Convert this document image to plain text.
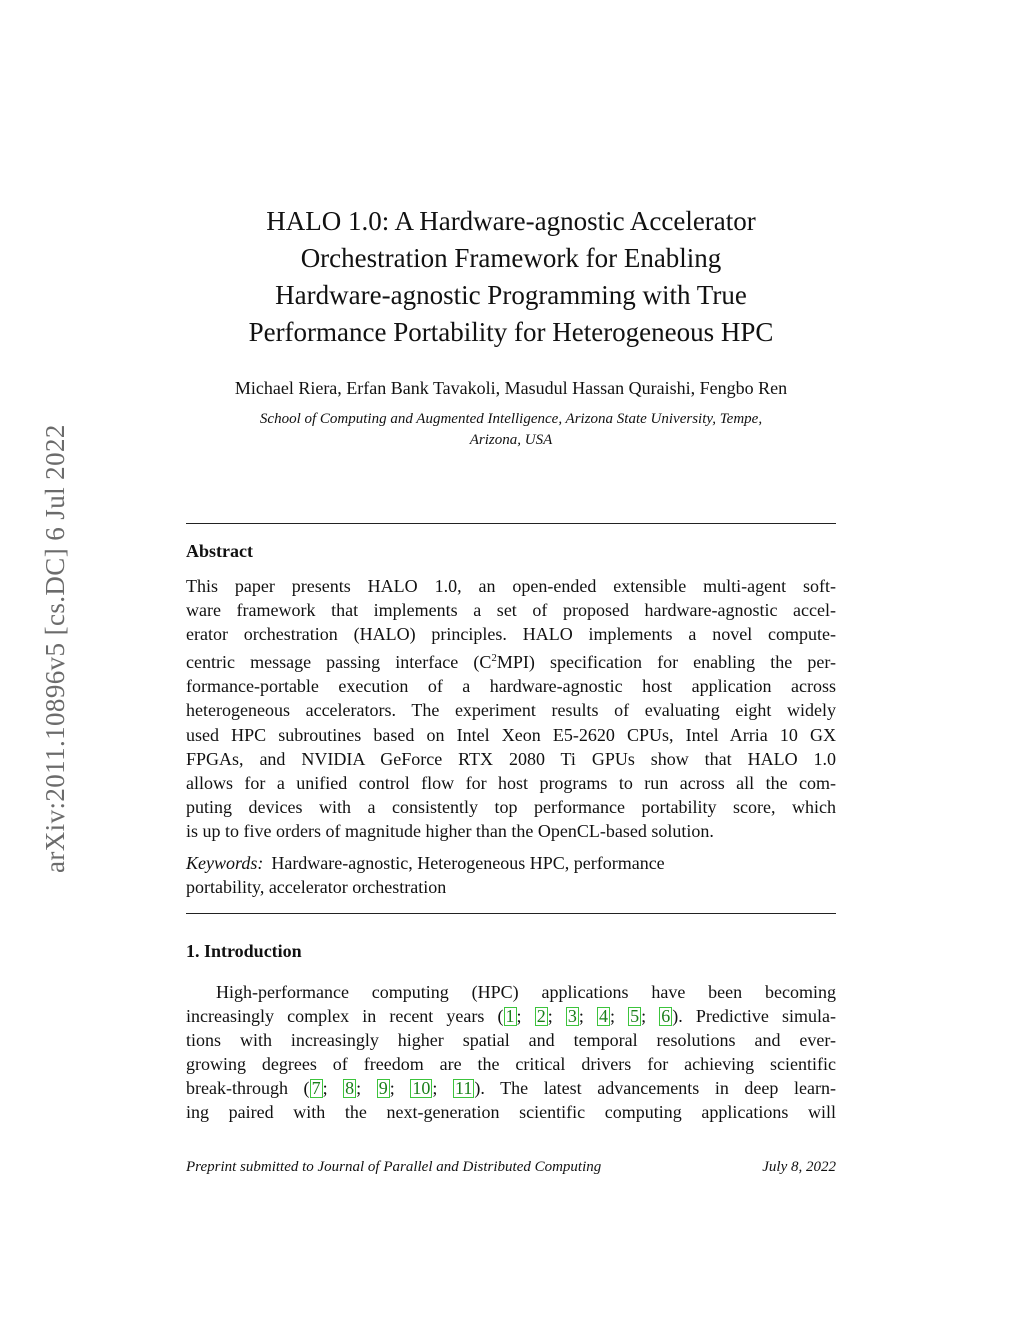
arXiv:2011.10896v5 [cs.DC] 6 Jul 2022
HALO 1.0: A Hardware-agnostic Accelerator
Orchestration Framework for Enabling
Hardware-agnostic Programming with True
Performance Portability for Heterogeneous HPC
Michael Riera, Erfan Bank Tavakoli, Masudul Hassan Quraishi, Fengbo Ren
School of Computing and Augmented Intelligence, Arizona State University, Tempe,
Arizona, USA
Abstract
This paper presents HALO 1.0, an open-ended extensible multi-agent soft-
ware framework that implements a set of proposed hardware-agnostic accel-
erator orchestration (HALO) principles. HALO implements a novel compute-
centric message passing interface $(C^2MPI)$ specification for enabling the per-
formance-portable execution of a hardware-agnostic host application across
heterogeneous accelerators. The experiment results of evaluating eight widely
used HPC subroutines based on Intel Xeon E5-2620 CPUs, Intel Arria 10 GX
FPGAs, and NVIDIA GeForce RTX 2080 Ti GPUs show that HALO 1.0
allows for a unified control flow for host programs to run across all the com-
puting devices with a consistently top performance portability score, which
is up to five orders of magnitude higher than the OpenCL-based solution.
Keywords: Hardware-agnostic, Heterogeneous HPC, performance
portability, accelerator orchestration
1. Introduction
High-performance computing (HPC) applications have been becoming
increasingly complex in recent years ( 1 ; 2 ; 3 ; 4 ; 5 ; 6 ). Predictive simula-
tions with increasingly higher spatial and temporal resolutions and ever-
growing degrees of freedom are the critical drivers for achieving scientific
break-through ( 7 ; 8 ; 9 ; 10 ; 11 ). The latest advancements in deep learn-
ing paired with the next-generation scientific computing applications will
Preprint submitted to Journal of Parallel and Distributed Computing	July 8, 2022
